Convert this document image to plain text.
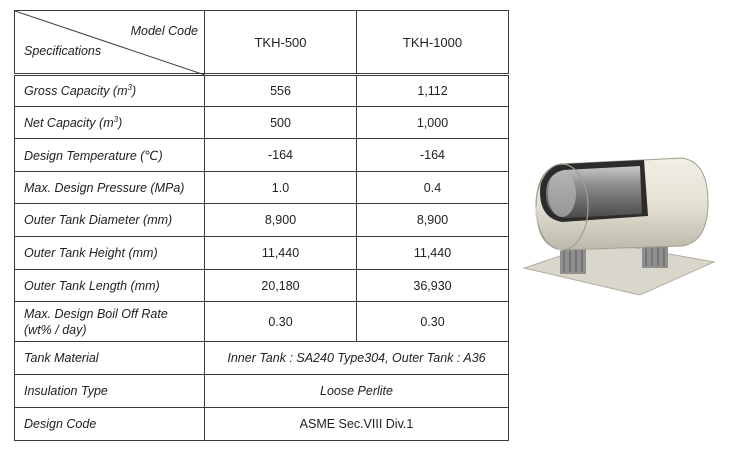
Model Code
Specifications	TKH-500	TKH-1000
Gross Capacity $(m^3)$	556	1,112
Net Capacity $(m^3)$	500	1,000
Design Temperature (℃)	-164	-164
Max. Design Pressure (MPa)	1.0	0.4
Outer Tank Diameter (mm)	8,900	8,900
Outer Tank Height (mm)	11,440	11,440
Outer Tank Length (mm)	20,180	36,930
Max. Design Boil Off Rate
(wt% / day)	0.30	0.30
Tank Material	Inner Tank : SA240 Type304, Outer Tank : A36	
Insulation Type	Loose Perlite	
Design Code	ASME Sec.VIII Div.1	
